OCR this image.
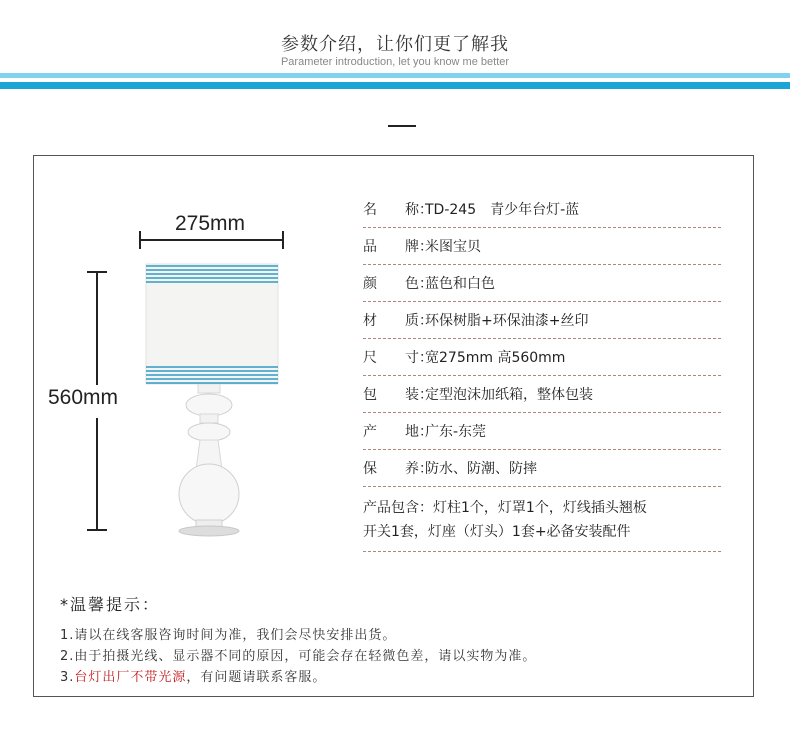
参数介绍，让你们更了解我
Parameter introduction, let you know me better
275mm
560mm
名　　称：TD-245　青少年台灯-蓝
品　　牌：米图宝贝
颜　　色：蓝色和白色
材　　质：环保树脂+环保油漆+丝印
尺　　寸：宽275mm 高560mm
包　　装：定型泡沫加纸箱，整体包装
产　　地：广东-东莞
保　　养：防水、防潮、防摔
产品包含：灯柱1个，灯罩1个，灯线插头翘板
开关1套，灯座（灯头）1套+必备安装配件
*温馨提示：
1.请以在线客服咨询时间为准，我们会尽快安排出货。
2.由于拍摄光线、显示器不同的原因，可能会存在轻微色差，请以实物为准。
3.台灯出厂不带光源，有问题请联系客服。
